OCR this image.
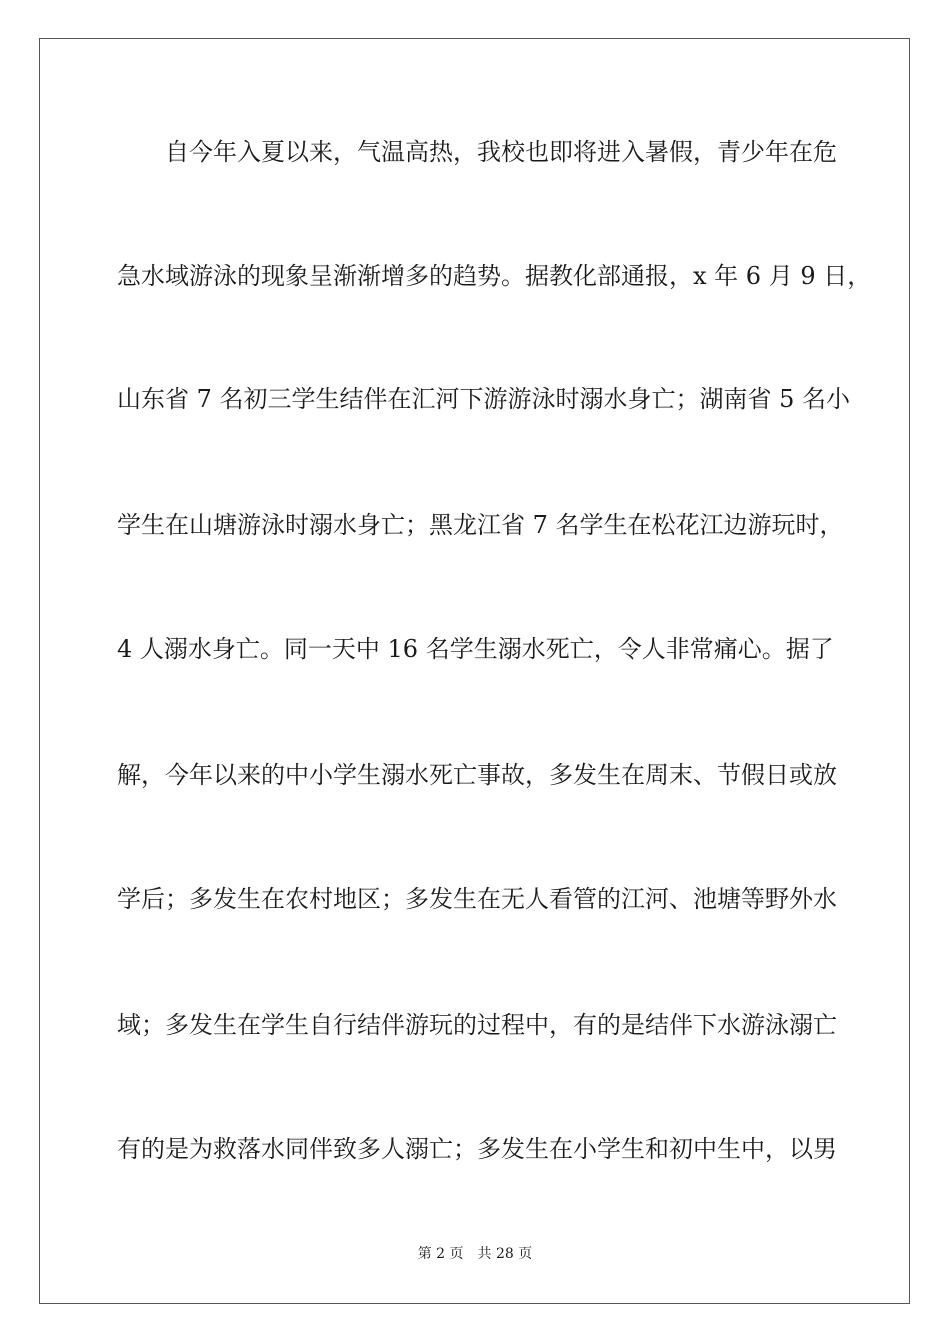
自今年入夏以来，气温高热，我校也即将进入暑假，青少年在危
急水域游泳的现象呈渐渐增多的趋势。据教化部通报，x 年 6 月 9 日，
山东省 7 名初三学生结伴在汇河下游游泳时溺水身亡；湖南省 5 名小
学生在山塘游泳时溺水身亡；黑龙江省 7 名学生在松花江边游玩时，
4 人溺水身亡。同一天中 16 名学生溺水死亡，令人非常痛心。据了
解，今年以来的中小学生溺水死亡事故，多发生在周末、节假日或放
学后；多发生在农村地区；多发生在无人看管的江河、池塘等野外水
域；多发生在学生自行结伴游玩的过程中，有的是结伴下水游泳溺亡
有的是为救落水同伴致多人溺亡；多发生在小学生和初中生中，以男
第 2 页 共 28 页
